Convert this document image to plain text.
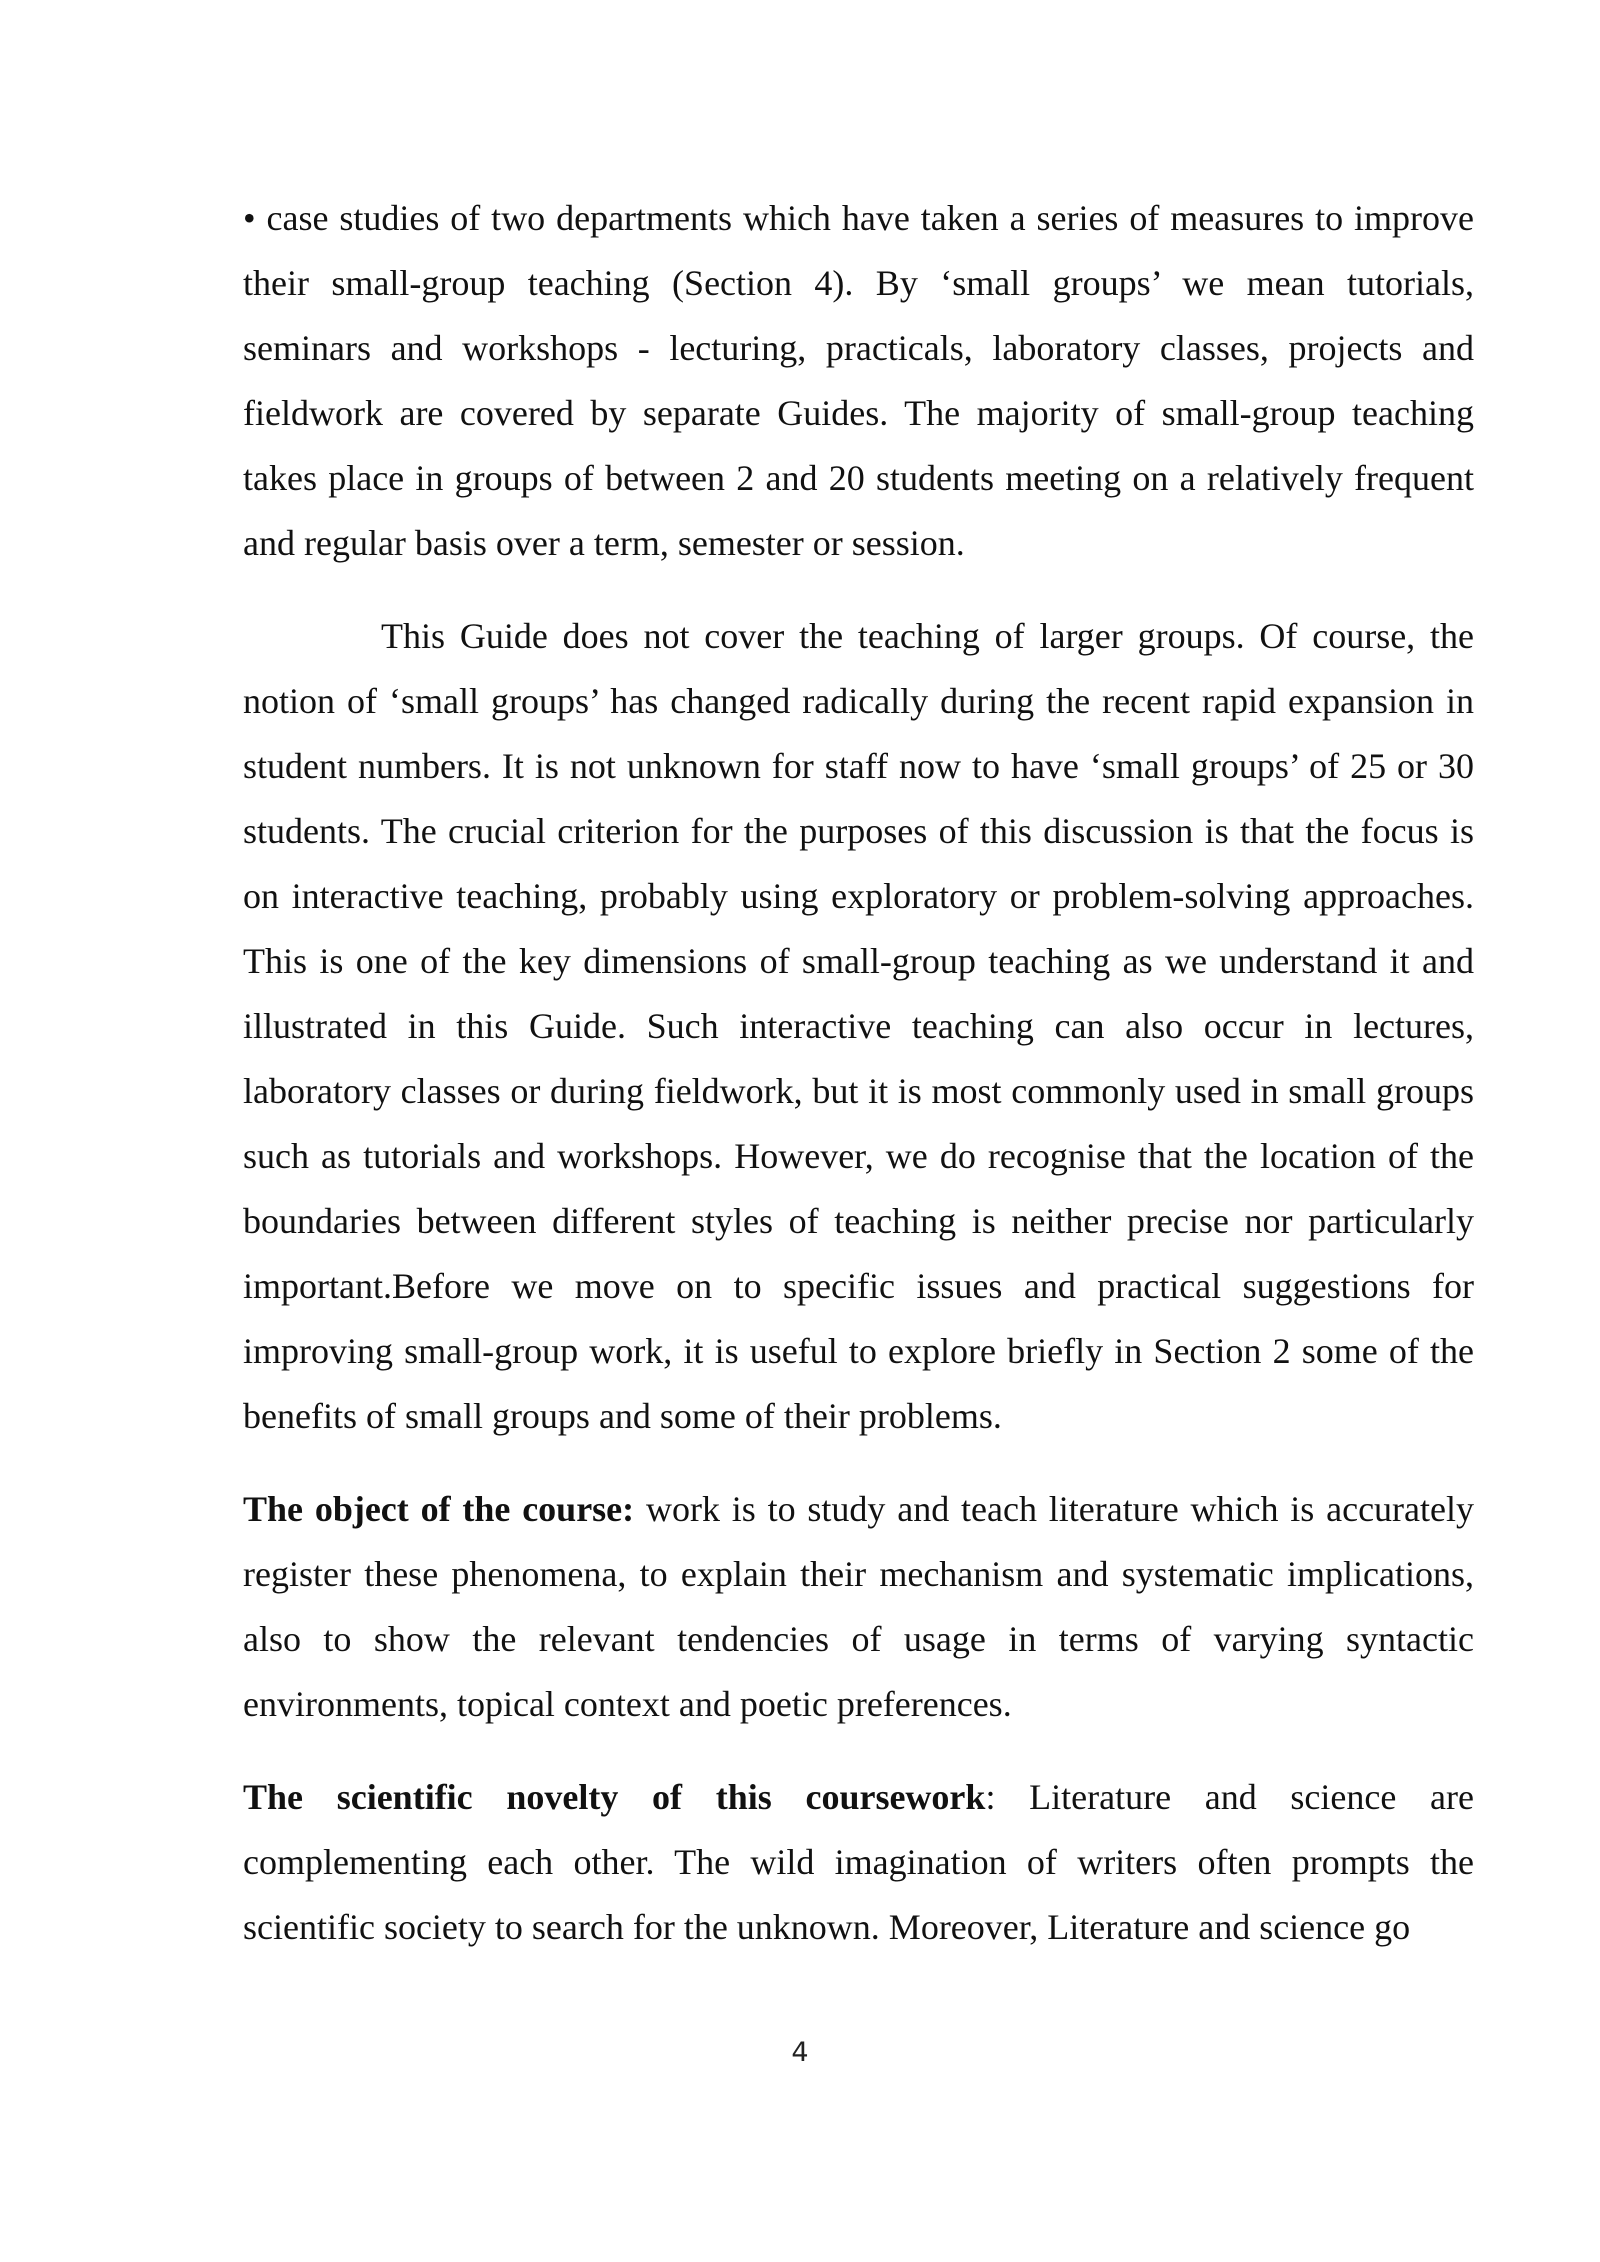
• case studies of two departments which have taken a series of measures to improve their small-group teaching (Section 4). By ‘small groups’ we mean tutorials, seminars and workshops - lecturing, practicals, laboratory classes, projects and fieldwork are covered by separate Guides. The majority of small-group teaching takes place in groups of between 2 and 20 students meeting on a relatively frequent and regular basis over a term, semester or session.

This Guide does not cover the teaching of larger groups. Of course, the notion of ‘small groups’ has changed radically during the recent rapid expansion in student numbers. It is not unknown for staff now to have ‘small groups’ of 25 or 30 students. The crucial criterion for the purposes of this discussion is that the focus is on interactive teaching, probably using exploratory or problem-solving approaches. This is one of the key dimensions of small-group teaching as we understand it and illustrated in this Guide. Such interactive teaching can also occur in lectures, laboratory classes or during fieldwork, but it is most commonly used in small groups such as tutorials and workshops. However, we do recognise that the location of the boundaries between different styles of teaching is neither precise nor particularly important.Before we move on to specific issues and practical suggestions for improving small-group work, it is useful to explore briefly in Section 2 some of the benefits of small groups and some of their problems.

The object of the course: work is to study and teach literature which is accurately register these phenomena, to explain their mechanism and systematic implications, also to show the relevant tendencies of usage in terms of varying syntactic environments, topical context and poetic preferences.

The scientific novelty of this coursework: Literature and science are complementing each other. The wild imagination of writers often prompts the scientific society to search for the unknown. Moreover, Literature and science go

4
